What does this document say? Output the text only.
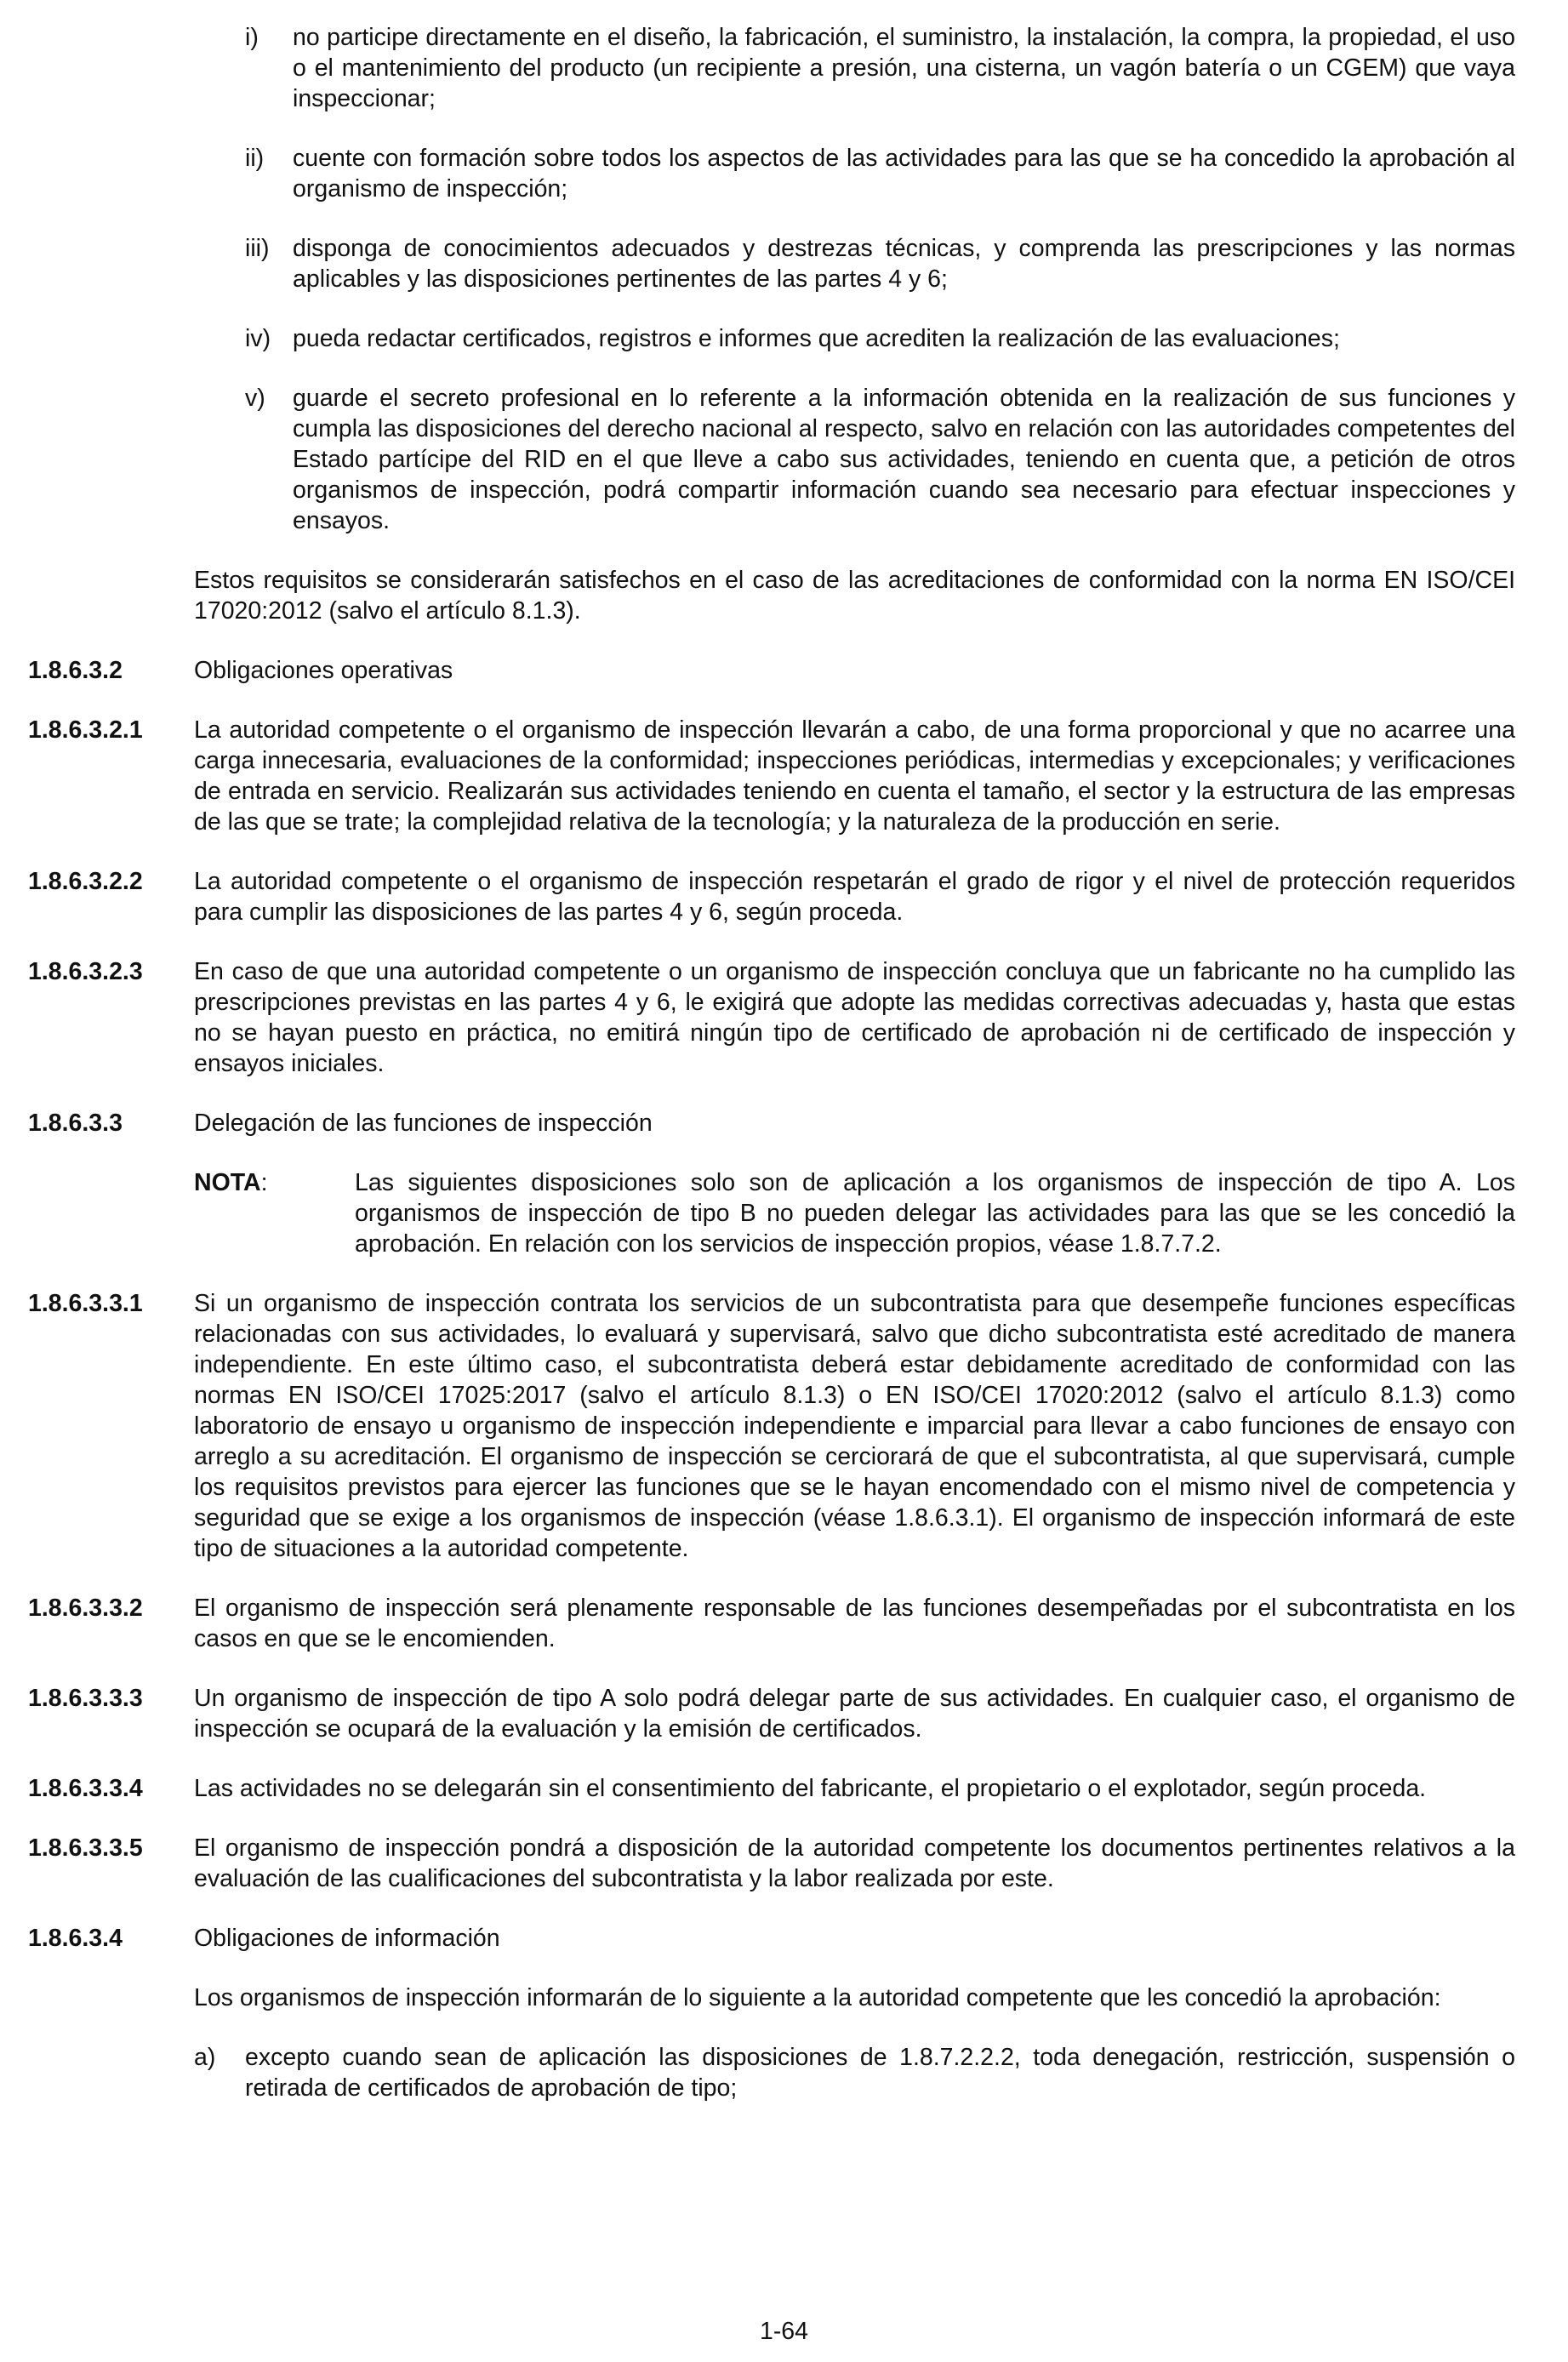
i)	no participe directamente en el diseño, la fabricación, el suministro, la instalación, la compra, la propiedad, el uso o el mantenimiento del producto (un recipiente a presión, una cisterna, un vagón batería o un CGEM) que vaya inspeccionar;

ii)	cuente con formación sobre todos los aspectos de las actividades para las que se ha concedido la aprobación al organismo de inspección;

iii) disponga de conocimientos adecuados y destrezas técnicas, y comprenda las prescripciones y las normas aplicables y las disposiciones pertinentes de las partes 4 y 6;

iv) pueda redactar certificados, registros e informes que acrediten la realización de las evaluaciones;

v)	guarde el secreto profesional en lo referente a la información obtenida en la realización de sus funciones y cumpla las disposiciones del derecho nacional al respecto, salvo en relación con las autoridades competentes del Estado partícipe del RID en el que lleve a cabo sus actividades, teniendo en cuenta que, a petición de otros organismos de inspección, podrá compartir información cuando sea necesario para efectuar inspecciones y ensayos.

Estos requisitos se considerarán satisfechos en el caso de las acreditaciones de conformidad con la norma EN ISO/CEI 17020:2012 (salvo el artículo 8.1.3).

1.8.6.3.2	Obligaciones operativas

1.8.6.3.2.1	La autoridad competente o el organismo de inspección llevarán a cabo, de una forma proporcional y que no acarree una carga innecesaria, evaluaciones de la conformidad; inspecciones periódicas, intermedias y excepcionales; y verificaciones de entrada en servicio. Realizarán sus actividades teniendo en cuenta el tamaño, el sector y la estructura de las empresas de las que se trate; la complejidad relativa de la tecnología; y la naturaleza de la producción en serie.

1.8.6.3.2.2	La autoridad competente o el organismo de inspección respetarán el grado de rigor y el nivel de protección requeridos para cumplir las disposiciones de las partes 4 y 6, según proceda.

1.8.6.3.2.3	En caso de que una autoridad competente o un organismo de inspección concluya que un fabricante no ha cumplido las prescripciones previstas en las partes 4 y 6, le exigirá que adopte las medidas correctivas adecuadas y, hasta que estas no se hayan puesto en práctica, no emitirá ningún tipo de certificado de aprobación ni de certificado de inspección y ensayos iniciales.

1.8.6.3.3	Delegación de las funciones de inspección

NOTA:	Las siguientes disposiciones solo son de aplicación a los organismos de inspección de tipo A. Los organismos de inspección de tipo B no pueden delegar las actividades para las que se les concedió la aprobación. En relación con los servicios de inspección propios, véase 1.8.7.7.2.

1.8.6.3.3.1	Si un organismo de inspección contrata los servicios de un subcontratista para que desempeñe funciones específicas relacionadas con sus actividades, lo evaluará y supervisará, salvo que dicho subcontratista esté acreditado de manera independiente. En este último caso, el subcontratista deberá estar debidamente acreditado de conformidad con las normas EN ISO/CEI 17025:2017 (salvo el artículo 8.1.3) o EN ISO/CEI 17020:2012 (salvo el artículo 8.1.3) como laboratorio de ensayo u organismo de inspección independiente e imparcial para llevar a cabo funciones de ensayo con arreglo a su acreditación. El organismo de inspección se cerciorará de que el subcontratista, al que supervisará, cumple los requisitos previstos para ejercer las funciones que se le hayan encomendado con el mismo nivel de competencia y seguridad que se exige a los organismos de inspección (véase 1.8.6.3.1). El organismo de inspección informará de este tipo de situaciones a la autoridad competente.

1.8.6.3.3.2	El organismo de inspección será plenamente responsable de las funciones desempeñadas por el subcontratista en los casos en que se le encomienden.

1.8.6.3.3.3	Un organismo de inspección de tipo A solo podrá delegar parte de sus actividades. En cualquier caso, el organismo de inspección se ocupará de la evaluación y la emisión de certificados.

1.8.6.3.3.4	Las actividades no se delegarán sin el consentimiento del fabricante, el propietario o el explotador, según proceda.

1.8.6.3.3.5	El organismo de inspección pondrá a disposición de la autoridad competente los documentos pertinentes relativos a la evaluación de las cualificaciones del subcontratista y la labor realizada por este.

1.8.6.3.4	Obligaciones de información

Los organismos de inspección informarán de lo siguiente a la autoridad competente que les concedió la aprobación:

a)	excepto cuando sean de aplicación las disposiciones de 1.8.7.2.2.2, toda denegación, restricción, suspensión o retirada de certificados de aprobación de tipo;

1-64
